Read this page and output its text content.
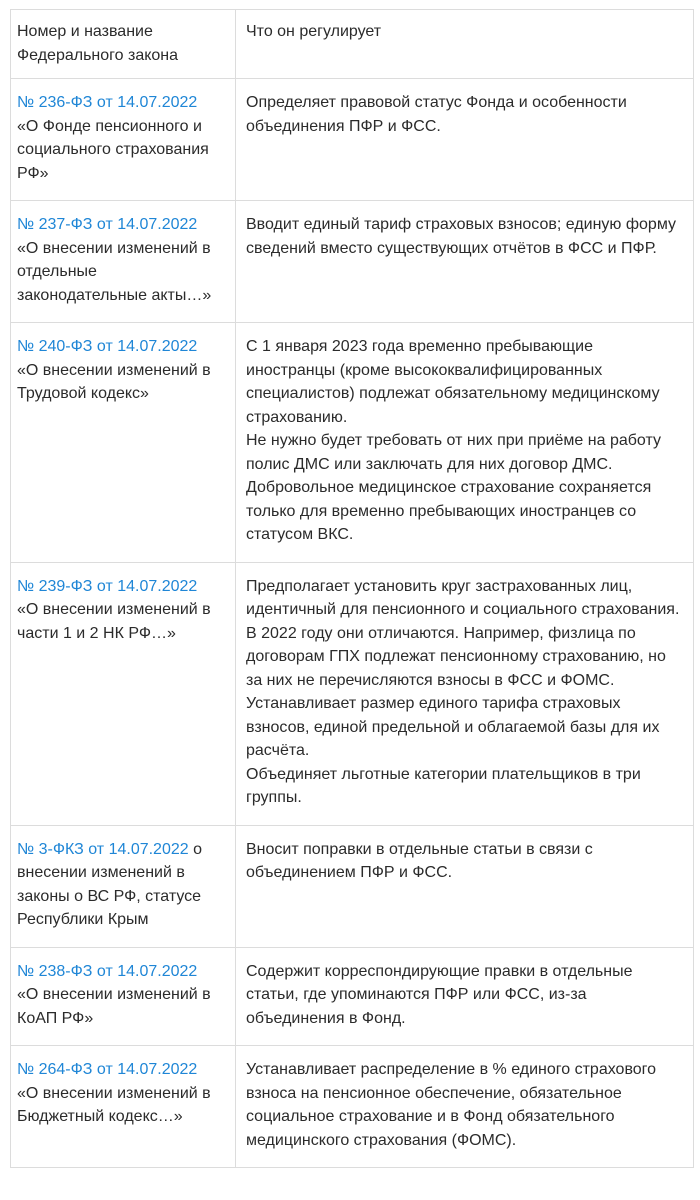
Номер и название Федерального закона	Что он регулирует
№ 236-ФЗ от 14.07.2022
«О Фонде пенсионного и социального страхования РФ»	Определяет правовой статус Фонда и особенности объединения ПФР и ФСС.

№ 237-ФЗ от 14.07.2022
«О внесении изменений в отдельные законодательные акты…»	Вводит единый тариф страховых взносов; единую форму сведений вместо существующих отчётов в ФСС и ПФР.

№ 240-ФЗ от 14.07.2022
«О внесении изменений в Трудовой кодекс»	С 1 января 2023 года временно пребывающие иностранцы (кроме высококвалифицированных специалистов) подлежат обязательному медицинскому страхованию.
Не нужно будет требовать от них при приёме на работу полис ДМС или заключать для них договор ДМС.
Добровольное медицинское страхование сохраняется только для временно пребывающих иностранцев со статусом ВКС.

№ 239-ФЗ от 14.07.2022
«О внесении изменений в части 1 и 2 НК РФ…»	Предполагает установить круг застрахованных лиц, идентичный для пенсионного и социального страхования. В 2022 году они отличаются. Например, физлица по договорам ГПХ подлежат пенсионному страхованию, но за них не перечисляются взносы в ФСС и ФОМС.
Устанавливает размер единого тарифа страховых взносов, единой предельной и облагаемой базы для их расчёта.
Объединяет льготные категории плательщиков в три группы.

№ 3-ФКЗ от 14.07.2022 о внесении изменений в законы о ВС РФ, статусе Республики Крым	Вносит поправки в отдельные статьи в связи с объединением ПФР и ФСС.

№ 238-ФЗ от 14.07.2022
«О внесении изменений в КоАП РФ»	Содержит корреспондирующие правки в отдельные статьи, где упоминаются ПФР или ФСС, из-за объединения в Фонд.

№ 264-ФЗ от 14.07.2022
«О внесении изменений в Бюджетный кодекс…»	Устанавливает распределение в % единого страхового взноса на пенсионное обеспечение, обязательное социальное страхование и в Фонд обязательного медицинского страхования (ФОМС).
